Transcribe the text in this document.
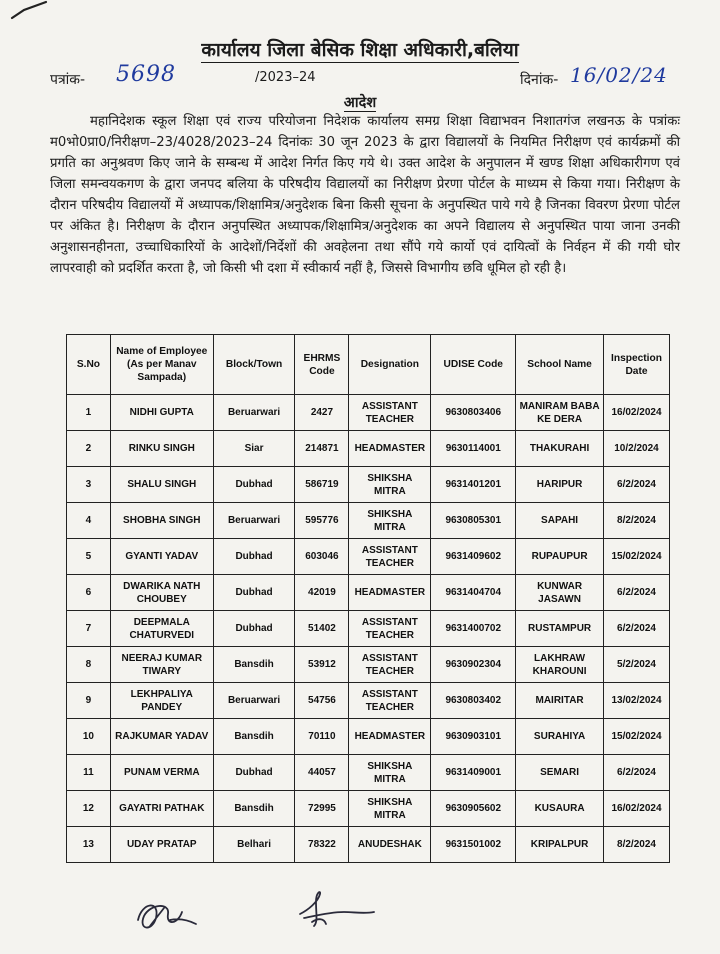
कार्यालय जिला बेसिक शिक्षा अधिकारी,बलिया
पत्रांक- 5698	/2023–24	दिनांक- 16/02/24
आदेश
महानिदेशक स्कूल शिक्षा एवं राज्य परियोजना निदेशक कार्यालय समग्र शिक्षा विद्याभवन निशातगंज लखनऊ के पत्रांकः म0भो0प्रा0/निरीक्षण–23/4028/2023–24 दिनांकः 30 जून 2023 के द्वारा विद्यालयों के नियमित निरीक्षण एवं कार्यक्रमों की प्रगति का अनुश्रवण किए जाने के सम्बन्ध में आदेश निर्गत किए गये थे। उक्त आदेश के अनुपालन में खण्ड शिक्षा अधिकारीगण एवं जिला समन्वयकगण के द्वारा जनपद बलिया के परिषदीय विद्यालयों का निरीक्षण प्रेरणा पोर्टल के माध्यम से किया गया। निरीक्षण के दौरान परिषदीय विद्यालयों में अध्यापक/शिक्षामित्र/अनुदेशक बिना किसी सूचना के अनुपस्थित पाये गये है जिनका विवरण प्रेरणा पोर्टल पर अंकित है। निरीक्षण के दौरान अनुपस्थित अध्यापक/शिक्षामित्र/अनुदेशक का अपने विद्यालय से अनुपस्थित पाया जाना उनकी अनुशासनहीनता, उच्चाधिकारियों के आदेशों/निर्देशों की अवहेलना तथा सौंपे गये कार्यो एवं दायित्वों के निर्वहन में की गयी घोर लापरवाही को प्रदर्शित करता है, जो किसी भी दशा में स्वीकार्य नहीं है, जिससे विभागीय छवि धूमिल हो रही है।
S.No	Name of Employee (As per Manav Sampada)	Block/Town	EHRMS Code	Designation	UDISE Code	School Name	Inspection Date
1	NIDHI GUPTA	Beruarwari	2427	ASSISTANT TEACHER	9630803406	MANIRAM BABA KE DERA	16/02/2024
2	RINKU SINGH	Siar	214871	HEADMASTER	9630114001	THAKURAHI	10/2/2024
3	SHALU SINGH	Dubhad	586719	SHIKSHA MITRA	9631401201	HARIPUR	6/2/2024
4	SHOBHA SINGH	Beruarwari	595776	SHIKSHA MITRA	9630805301	SAPAHI	8/2/2024
5	GYANTI YADAV	Dubhad	603046	ASSISTANT TEACHER	9631409602	RUPAUPUR	15/02/2024
6	DWARIKA NATH CHOUBEY	Dubhad	42019	HEADMASTER	9631404704	KUNWAR JASAWN	6/2/2024
7	DEEPMALA CHATURVEDI	Dubhad	51402	ASSISTANT TEACHER	9631400702	RUSTAMPUR	6/2/2024
8	NEERAJ KUMAR TIWARY	Bansdih	53912	ASSISTANT TEACHER	9630902304	LAKHRAW KHAROUNI	5/2/2024
9	LEKHPALIYA PANDEY	Beruarwari	54756	ASSISTANT TEACHER	9630803402	MAIRITAR	13/02/2024
10	RAJKUMAR YADAV	Bansdih	70110	HEADMASTER	9630903101	SURAHIYA	15/02/2024
11	PUNAM VERMA	Dubhad	44057	SHIKSHA MITRA	9631409001	SEMARI	6/2/2024
12	GAYATRI PATHAK	Bansdih	72995	SHIKSHA MITRA	9630905602	KUSAURA	16/02/2024
13	UDAY PRATAP	Belhari	78322	ANUDESHAK	9631501002	KRIPALPUR	8/2/2024
